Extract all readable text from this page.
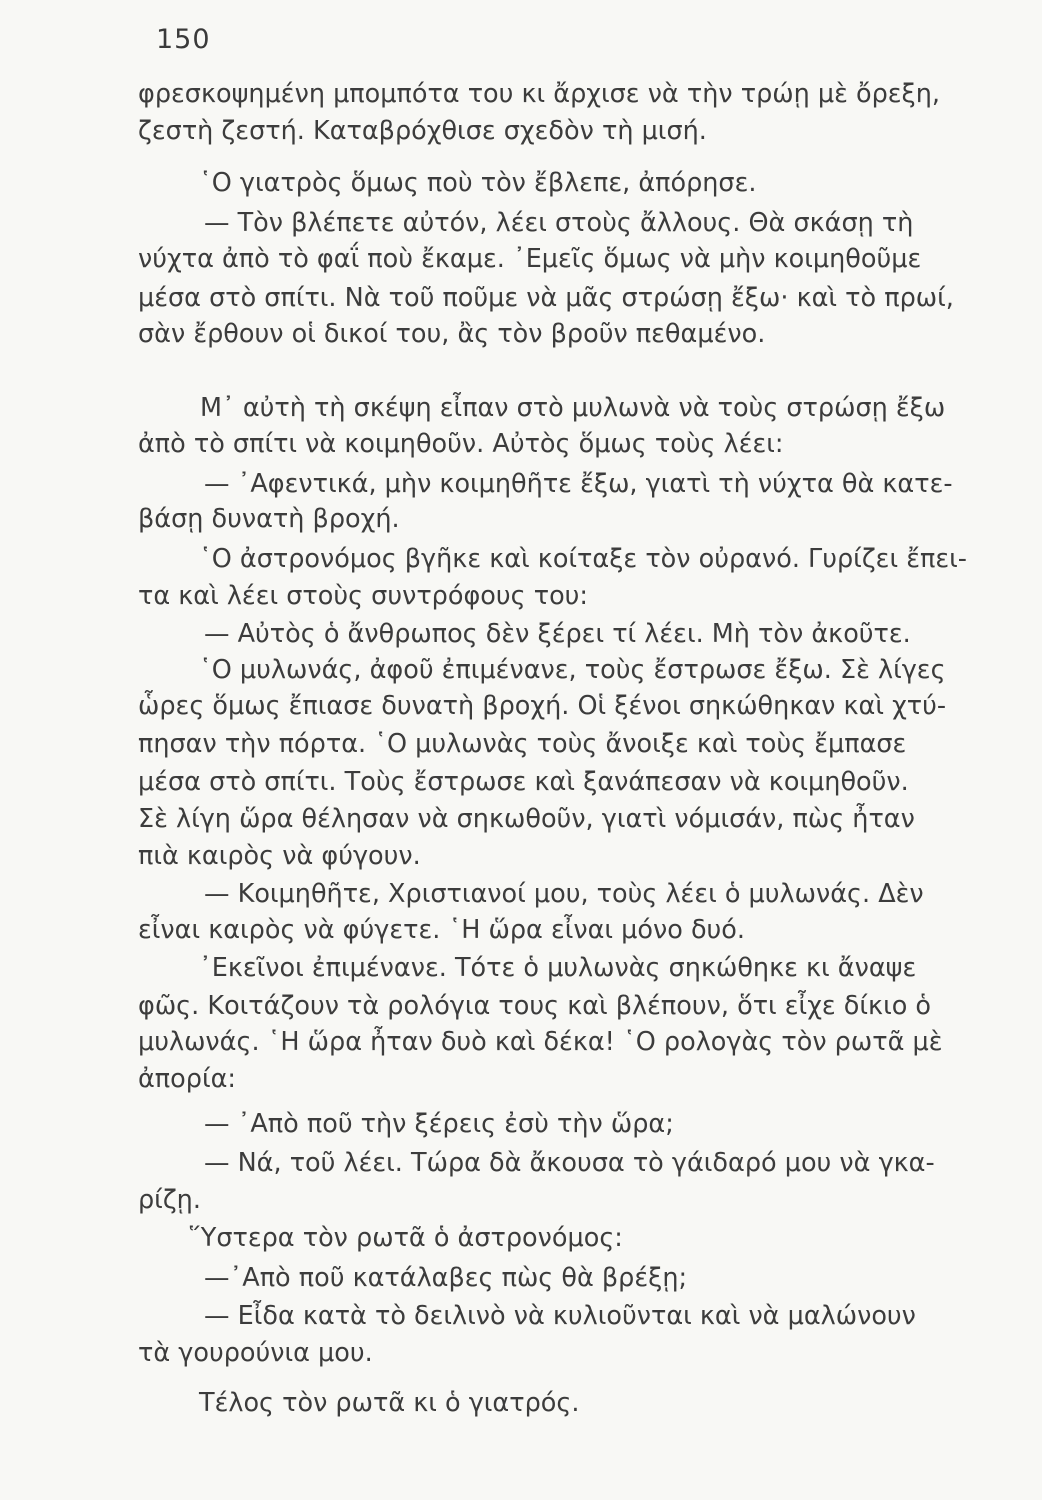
150
φρεσκοψημένη μπομπότα του κι ἄρχισε νὰ τὴν τρώῃ μὲ ὄρεξη,
ζεστὴ ζεστή. Καταβρόχθισε σχεδὸν τὴ μισή.
῾Ο γιατρὸς ὅμως ποὺ τὸν ἔβλεπε, ἀπόρησε.
— Τὸν βλέπετε αὐτόν, λέει στοὺς ἄλλους. Θὰ σκάσῃ τὴ
νύχτα ἀπὸ τὸ φαΐ ποὺ ἔκαμε. ᾿Εμεῖς ὅμως νὰ μὴν κοιμηθοῦμε
μέσα στὸ σπίτι. Νὰ τοῦ ποῦμε νὰ μᾶς στρώσῃ ἔξω· καὶ τὸ πρωί,
σὰν ἔρθουν οἱ δικοί του, ἂς τὸν βροῦν πεθαμένο.
Μ᾿ αὐτὴ τὴ σκέψη εἶπαν στὸ μυλωνὰ νὰ τοὺς στρώσῃ ἔξω
ἀπὸ τὸ σπίτι νὰ κοιμηθοῦν. Αὐτὸς ὅμως τοὺς λέει:
— ᾿Αφεντικά, μὴν κοιμηθῆτε ἔξω, γιατὶ τὴ νύχτα θὰ κατε-
βάσῃ δυνατὴ βροχή.
῾Ο ἀστρονόμος βγῆκε καὶ κοίταξε τὸν οὐρανό. Γυρίζει ἔπει-
τα καὶ λέει στοὺς συντρόφους του:
— Αὐτὸς ὁ ἄνθρωπος δὲν ξέρει τί λέει. Μὴ τὸν ἀκοῦτε.
῾Ο μυλωνάς, ἀφοῦ ἐπιμένανε, τοὺς ἔστρωσε ἔξω. Σὲ λίγες
ὧρες ὅμως ἔπιασε δυνατὴ βροχή. Οἱ ξένοι σηκώθηκαν καὶ χτύ-
πησαν τὴν πόρτα. ῾Ο μυλωνὰς τοὺς ἄνοιξε καὶ τοὺς ἔμπασε
μέσα στὸ σπίτι. Τοὺς ἔστρωσε καὶ ξανάπεσαν νὰ κοιμηθοῦν.
Σὲ λίγη ὥρα θέλησαν νὰ σηκωθοῦν, γιατὶ νόμισάν, πὼς ἦταν
πιὰ καιρὸς νὰ φύγουν.
— Κοιμηθῆτε, Χριστιανοί μου, τοὺς λέει ὁ μυλωνάς. Δὲν
εἶναι καιρὸς νὰ φύγετε. ῾Η ὥρα εἶναι μόνο δυό.
᾿Εκεῖνοι ἐπιμένανε. Τότε ὁ μυλωνὰς σηκώθηκε κι ἄναψε
φῶς. Κοιτάζουν τὰ ρολόγια τους καὶ βλέπουν, ὅτι εἶχε δίκιο ὁ
μυλωνάς. ῾Η ὥρα ἦταν δυὸ καὶ δέκα! ῾Ο ρολογὰς τὸν ρωτᾶ μὲ
ἀπορία:
— ᾿Απὸ ποῦ τὴν ξέρεις ἐσὺ τὴν ὥρα;
— Νά, τοῦ λέει. Τώρα δὰ ἄκουσα τὸ γάιδαρό μου νὰ γκα-
ρίζῃ.
῞Υστερα τὸν ρωτᾶ ὁ ἀστρονόμος:
—᾿Απὸ ποῦ κατάλαβες πὼς θὰ βρέξῃ;
— Εἶδα κατὰ τὸ δειλινὸ νὰ κυλιοῦνται καὶ νὰ μαλώνουν
τὰ γουρούνια μου.
Τέλος τὸν ρωτᾶ κι ὁ γιατρός.
